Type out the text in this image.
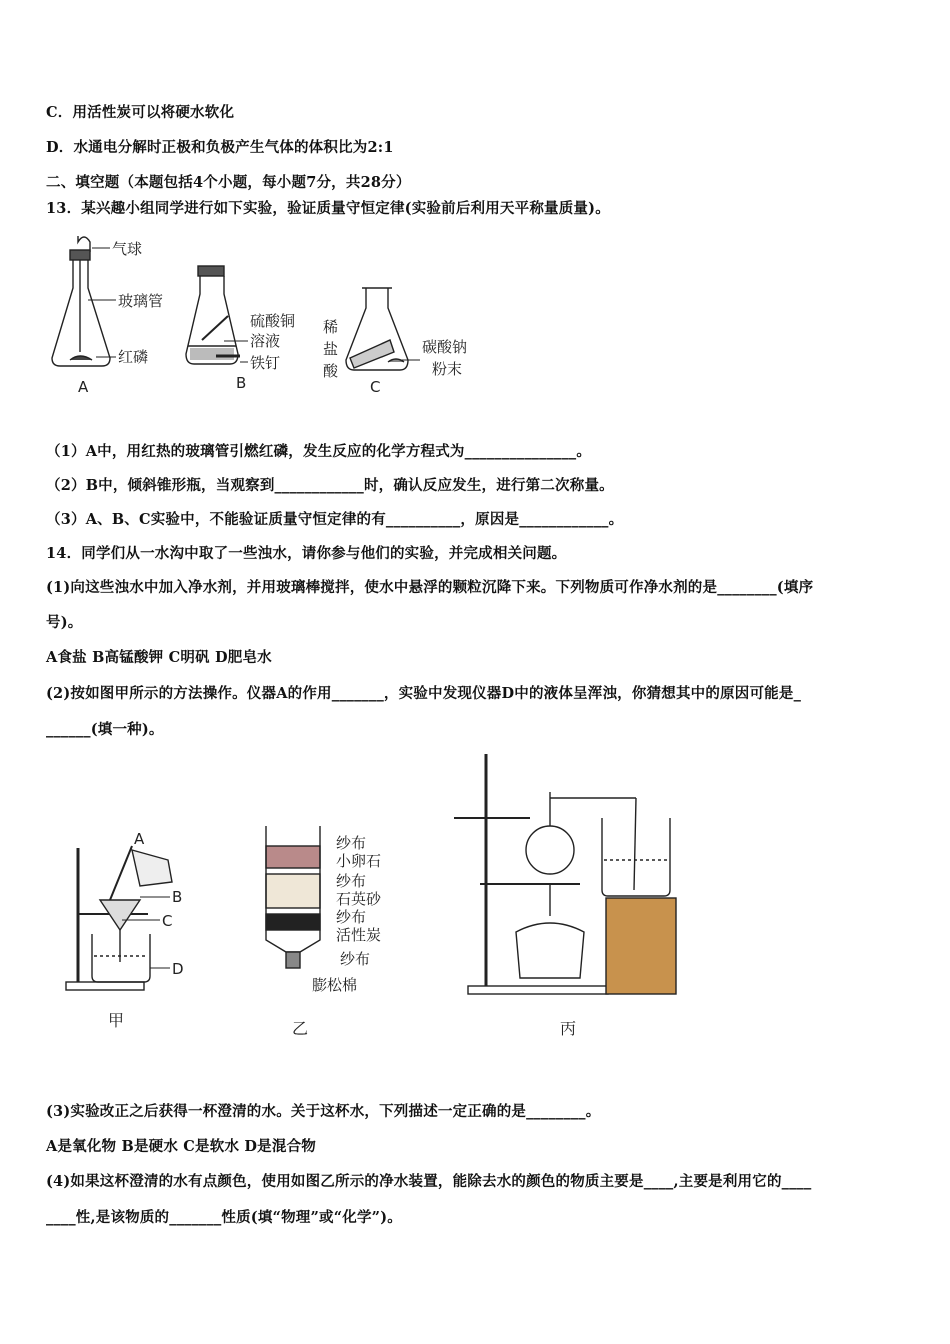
C．用活性炭可以将硬水软化
D．水通电分解时正极和负极产生气体的体积比为2:1
二、填空题（本题包括4个小题，每小题7分，共28分）
13．某兴趣小组同学进行如下实验，验证质量守恒定律(实验前后利用天平称量质量)。
气球
玻璃管
红磷
A
硫酸铜
溶液
铁钉
B
稀
盐
酸
碳酸钠
粉末
C
（1）A中，用红热的玻璃管引燃红磷，发生反应的化学方程式为_______________。
（2）B中，倾斜锥形瓶，当观察到____________时，确认反应发生，进行第二次称量。
（3）A、B、C实验中，不能验证质量守恒定律的有__________，原因是____________。
14．同学们从一水沟中取了一些浊水，请你参与他们的实验，并完成相关问题。
(1)向这些浊水中加入净水剂，并用玻璃棒搅拌，使水中悬浮的颗粒沉降下来。下列物质可作净水剂的是________(填序
号)。
A食盐 B高锰酸钾 C明矾 D肥皂水
(2)按如图甲所示的方法操作。仪器A的作用_______，实验中发现仪器D中的液体呈浑浊，你猜想其中的原因可能是_
______(填一种)。
A
B
C
D
甲
纱布
小卵石
纱布
石英砂
纱布
活性炭
纱布
膨松棉
乙	丙
(3)实验改正之后获得一杯澄清的水。关于这杯水，下列描述一定正确的是________。
A是氧化物 B是硬水 C是软水 D是混合物
(4)如果这杯澄清的水有点颜色，使用如图乙所示的净水装置，能除去水的颜色的物质主要是____,主要是利用它的____
____性,是该物质的_______性质(填“物理”或“化学”)。
